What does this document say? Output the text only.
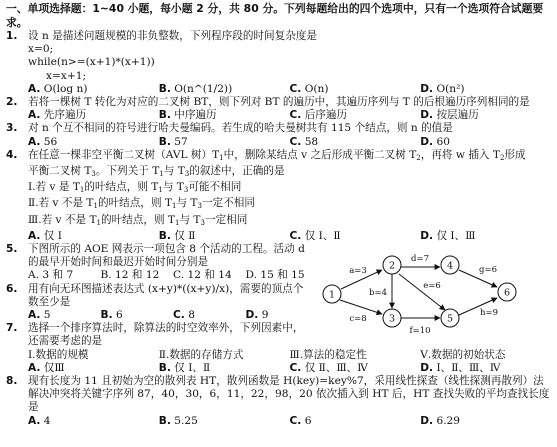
一、单项选择题：1~40 小题，每小题 2 分，共 80 分。下列每题给出的四个选项中，只有一个选项符合试题要求。
1. 设 n 是描述问题规模的非负整数，下列程序段的时间复杂度是
x=0;
while(n>=(x+1)*(x+1))
x=x+1;
A. O(log n)	B. O(n^(1/2))	C. O(n)	D. O(n²)
2. 若将一棵树 T 转化为对应的二叉树 BT，则下列对 BT 的遍历中，其遍历序列与 T 的后根遍历序列相同的是
A. 先序遍历	B. 中序遍历	C. 后序遍历	D. 按层遍历
3. 对 n 个互不相同的符号进行哈夫曼编码。若生成的哈夫曼树共有 115 个结点，则 n 的值是
A. 56	B. 57	C. 58	D. 60
4. 在任意一棵非空平衡二叉树（AVL 树）$T_1$中，删除某结点 v 之后形成平衡二叉树 $T_2$，再将 w 插入 $T_2$形成
平衡二叉树 $T_3$。下列关于 $T_1$与 $T_3$的叙述中，正确的是
Ⅰ.若 v 是 $T_1$的叶结点，则 $T_1$与 $T_3$可能不相同
Ⅱ.若 v 不是 $T_1$的叶结点，则 $T_1$与 $T_3$一定不相同
Ⅲ.若 v 不是 $T_1$的叶结点，则 $T_1$与 $T_3$一定相同
A. 仅 Ⅰ	B. 仅 Ⅱ	C. 仅 Ⅰ、Ⅱ	D. 仅 Ⅰ、Ⅲ
5. 下图所示的 AOE 网表示一项包含 8 个活动的工程。活动 d
的最早开始时间和最迟开始时间分别是
A. 3 和 7	B. 12 和 12	C. 12 和 14	D. 15 和 15
6. 用有向无环图描述表达式 (x+y)*((x+y)/x)，需要的顶点个
数至少是
A. 5	B. 6	C. 8	D. 9
7. 选择一个排序算法时，除算法的时空效率外，下列因素中，
还需要考虑的是
Ⅰ.数据的规模	Ⅱ.数据的存储方式	Ⅲ.算法的稳定性	Ⅴ.数据的初始状态
A. 仅Ⅲ	B. 仅 Ⅰ、Ⅱ	C. 仅 Ⅱ、Ⅲ、Ⅳ	D. Ⅰ、Ⅱ、Ⅲ、Ⅳ
8. 现有长度为 11 且初始为空的散列表 HT，散列函数是 H(key)=key%7，采用线性探查（线性探测再散列）法
解决冲突将关键字序列 87，40，30，6，11，22，98，20 依次插入到 HT 后，HT 查找失败的平均查找长度
是
A. 4	B. 5.25	C. 6	D. 6.29
1
2
3
4
5
6
a=3
b=4
c=8
d=7
e=6
f=10
g=6
h=9
